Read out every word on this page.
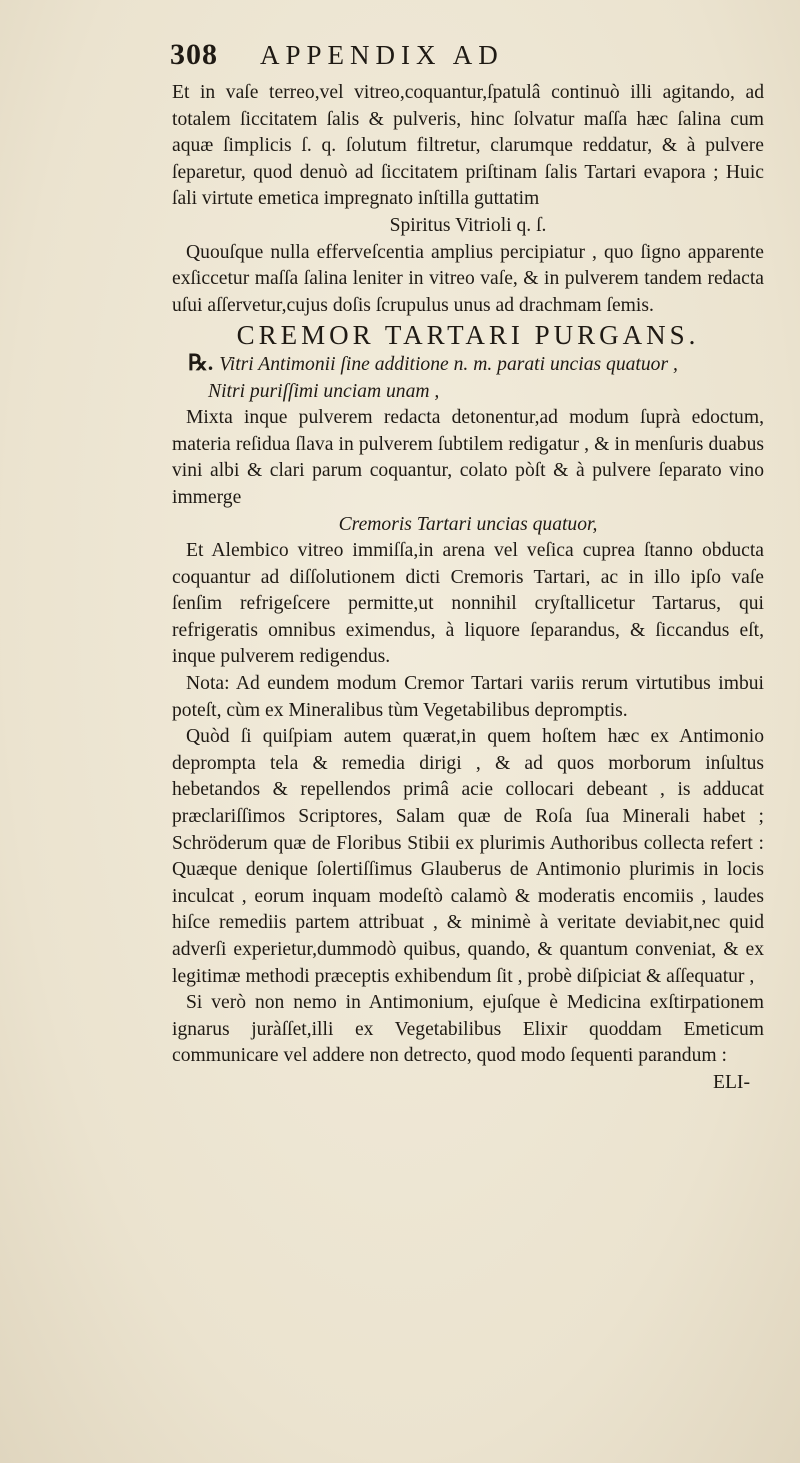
308 APPENDIX AD

Et in vaſe terreo,vel vitreo,coquantur,ſpatulâ continuò illi agitando, ad totalem ſiccitatem ſalis & pulveris, hinc ſolvatur maſſa hæc ſalina cum aquæ ſimplicis ſ. q. ſolutum filtretur, clarumque reddatur, & à pulvere ſeparetur, quod denuò ad ſiccitatem priſtinam ſalis Tartari evapora ; Huic ſali virtute emetica impregnato inſtilla guttatim

Spiritus Vitrioli q. ſ.

Quouſque nulla efferveſcentia amplius percipiatur , quo ſigno apparente exſiccetur maſſa ſalina leniter in vitreo vaſe, & in pulverem tandem redacta uſui aſſervetur,cujus doſis ſcrupulus unus ad drachmam ſemis.

CREMOR TARTARI PURGANS.

℞. Vitri Antimonii ſine additione n. m. parati uncias quatuor ,

Nitri puriſſimi unciam unam ,

Mixta inque pulverem redacta detonentur,ad modum ſuprà edoctum, materia reſidua ſlava in pulverem ſubtilem redigatur , & in menſuris duabus vini albi & clari parum coquantur, colato pòſt & à pulvere ſeparato vino immerge

Cremoris Tartari uncias quatuor,

Et Alembico vitreo immiſſa,in arena vel veſica cuprea ſtanno obducta coquantur ad diſſolutionem dicti Cremoris Tartari, ac in illo ipſo vaſe ſenſim refrigeſcere permitte,ut nonnihil cryſtallicetur Tartarus, qui refrigeratis omnibus eximendus, à liquore ſeparandus, & ſiccandus eſt, inque pulverem redigendus.

Nota: Ad eundem modum Cremor Tartari variis rerum virtutibus imbui poteſt, cùm ex Mineralibus tùm Vegetabilibus depromptis.

Quòd ſi quiſpiam autem quærat,in quem hoſtem hæc ex Antimonio deprompta tela & remedia dirigi , & ad quos morborum inſultus hebetandos & repellendos primâ acie collocari debeant , is adducat præclariſſimos Scriptores, Salam quæ de Roſa ſua Minerali habet ; Schröderum quæ de Floribus Stibii ex plurimis Authoribus collecta refert : Quæque denique ſolertiſſimus Glauberus de Antimonio plurimis in locis inculcat , eorum inquam modeſtò calamò & moderatis encomiis , laudes hiſce remediis partem attribuat , & minimè à veritate deviabit,nec quid adverſi experietur,dummodò quibus, quando, & quantum conveniat, & ex legitimæ methodi præceptis exhibendum ſit , probè diſpiciat & aſſequatur ,

Si verò non nemo in Antimonium, ejuſque è Medicina exſtirpationem ignarus juràſſet,illi ex Vegetabilibus Elixir quoddam Emeticum communicare vel addere non detrecto, quod modo ſequenti parandum :

ELI-
